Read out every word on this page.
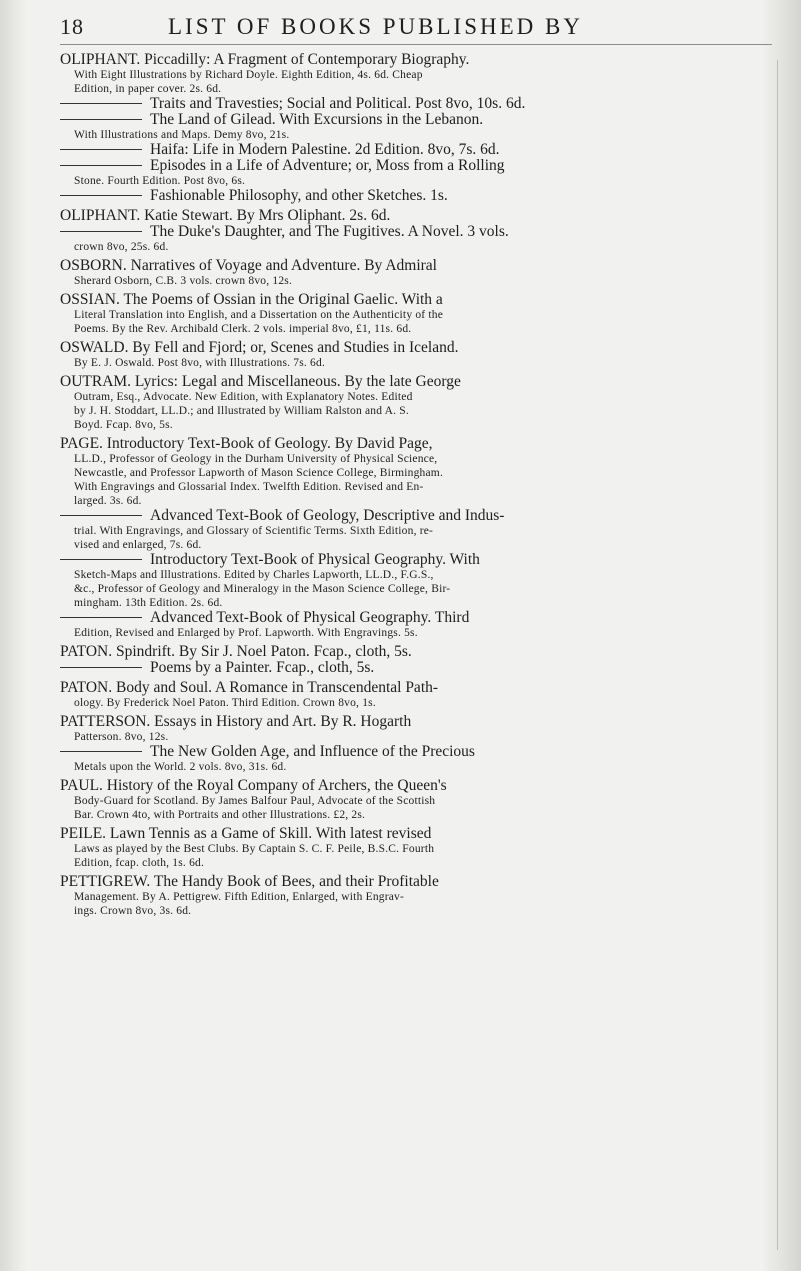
18	LIST OF BOOKS PUBLISHED BY
OLIPHANT. Piccadilly: A Fragment of Contemporary Biography.
With Eight Illustrations by Richard Doyle. Eighth Edition, 4s. 6d. Cheap
Edition, in paper cover. 2s. 6d.
Traits and Travesties; Social and Political. Post 8vo, 10s. 6d.
The Land of Gilead. With Excursions in the Lebanon.
With Illustrations and Maps. Demy 8vo, 21s.
Haifa: Life in Modern Palestine. 2d Edition. 8vo, 7s. 6d.
Episodes in a Life of Adventure; or, Moss from a Rolling
Stone. Fourth Edition. Post 8vo, 6s.
Fashionable Philosophy, and other Sketches. 1s.
OLIPHANT. Katie Stewart. By Mrs Oliphant. 2s. 6d.
The Duke's Daughter, and The Fugitives. A Novel. 3 vols.
crown 8vo, 25s. 6d.
OSBORN. Narratives of Voyage and Adventure. By Admiral
Sherard Osborn, C.B. 3 vols. crown 8vo, 12s.
OSSIAN. The Poems of Ossian in the Original Gaelic. With a
Literal Translation into English, and a Dissertation on the Authenticity of the
Poems. By the Rev. Archibald Clerk. 2 vols. imperial 8vo, £1, 11s. 6d.
OSWALD. By Fell and Fjord; or, Scenes and Studies in Iceland.
By E. J. Oswald. Post 8vo, with Illustrations. 7s. 6d.
OUTRAM. Lyrics: Legal and Miscellaneous. By the late George
Outram, Esq., Advocate. New Edition, with Explanatory Notes. Edited
by J. H. Stoddart, LL.D.; and Illustrated by William Ralston and A. S.
Boyd. Fcap. 8vo, 5s.
PAGE. Introductory Text-Book of Geology. By David Page,
LL.D., Professor of Geology in the Durham University of Physical Science,
Newcastle, and Professor Lapworth of Mason Science College, Birmingham.
With Engravings and Glossarial Index. Twelfth Edition. Revised and En-
larged. 3s. 6d.
Advanced Text-Book of Geology, Descriptive and Indus-
trial. With Engravings, and Glossary of Scientific Terms. Sixth Edition, re-
vised and enlarged, 7s. 6d.
Introductory Text-Book of Physical Geography. With
Sketch-Maps and Illustrations. Edited by Charles Lapworth, LL.D., F.G.S.,
&c., Professor of Geology and Mineralogy in the Mason Science College, Bir-
mingham. 13th Edition. 2s. 6d.
Advanced Text-Book of Physical Geography. Third
Edition, Revised and Enlarged by Prof. Lapworth. With Engravings. 5s.
PATON. Spindrift. By Sir J. Noel Paton. Fcap., cloth, 5s.
Poems by a Painter. Fcap., cloth, 5s.
PATON. Body and Soul. A Romance in Transcendental Path-
ology. By Frederick Noel Paton. Third Edition. Crown 8vo, 1s.
PATTERSON. Essays in History and Art. By R. Hogarth
Patterson. 8vo, 12s.
The New Golden Age, and Influence of the Precious
Metals upon the World. 2 vols. 8vo, 31s. 6d.
PAUL. History of the Royal Company of Archers, the Queen's
Body-Guard for Scotland. By James Balfour Paul, Advocate of the Scottish
Bar. Crown 4to, with Portraits and other Illustrations. £2, 2s.
PEILE. Lawn Tennis as a Game of Skill. With latest revised
Laws as played by the Best Clubs. By Captain S. C. F. Peile, B.S.C. Fourth
Edition, fcap. cloth, 1s. 6d.
PETTIGREW. The Handy Book of Bees, and their Profitable
Management. By A. Pettigrew. Fifth Edition, Enlarged, with Engrav-
ings. Crown 8vo, 3s. 6d.
